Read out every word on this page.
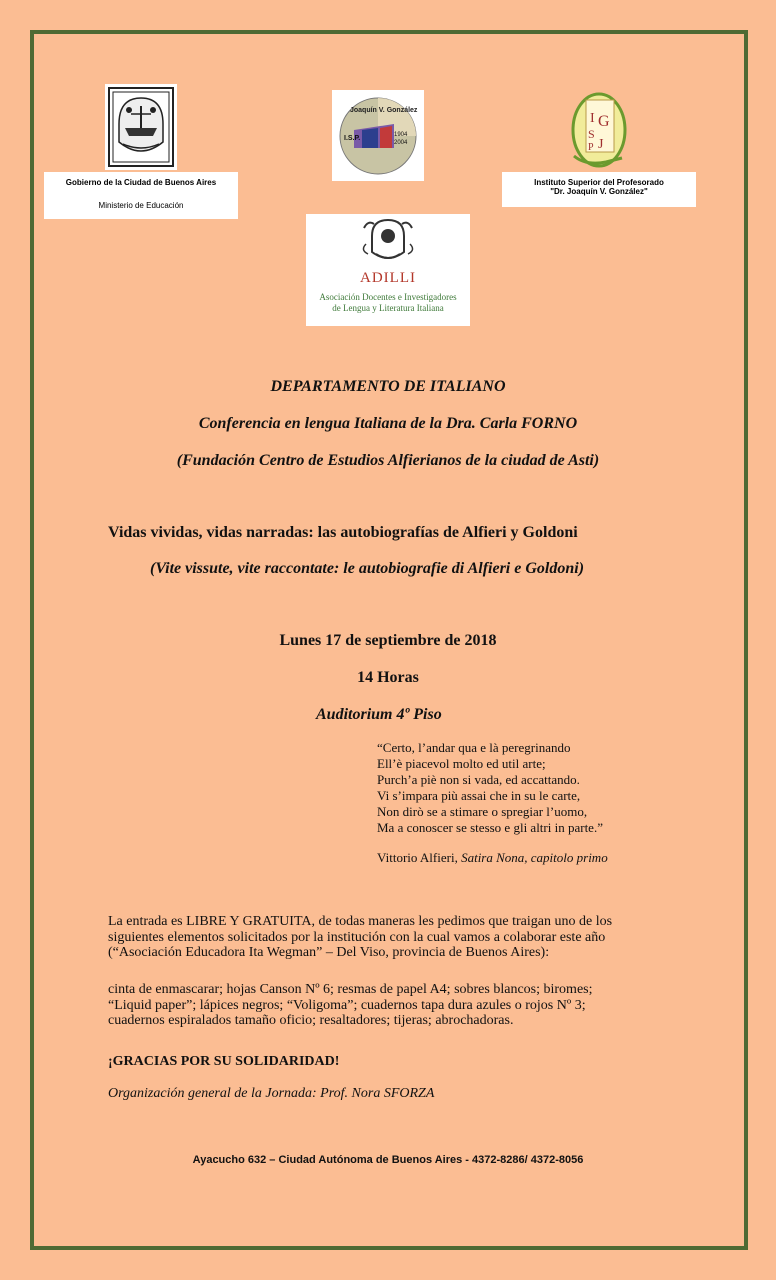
Gobierno de la Ciudad de Buenos Aires
Ministerio de Educación
Joaquín V. González
I.S.P.	1904
2004
I G
S
J
P
Instituto Superior del Profesorado
"Dr. Joaquín V. González"
ADILLI
Asociación Docentes e Investigadores
de Lengua y Literatura Italiana
DEPARTAMENTO DE ITALIANO
Conferencia en lengua Italiana de la Dra. Carla FORNO
(Fundación Centro de Estudios Alfierianos de la ciudad de Asti)
Vidas vividas, vidas narradas: las autobiografías de Alfieri y Goldoni
(Vite vissute, vite raccontate: le autobiografie di Alfieri e Goldoni)
Lunes 17 de septiembre de 2018
14 Horas
Auditorium 4º Piso
“Certo, l’andar qua e là peregrinando
Ell’è piacevol molto ed util arte;
Purch’a piè non si vada, ed accattando.
Vi s’impara più assai che in su le carte,
Non dirò se a stimare o spregiar l’uomo,
Ma a conoscer se stesso e gli altri in parte.”
Vittorio Alfieri, Satira Nona, capitolo primo
La entrada es LIBRE Y GRATUITA, de todas maneras les pedimos que traigan uno de los
siguientes elementos solicitados por la institución con la cual vamos a colaborar este año
(“Asociación Educadora Ita Wegman” – Del Viso, provincia de Buenos Aires):
cinta de enmascarar; hojas Canson Nº 6; resmas de papel A4; sobres blancos; biromes;
“Liquid paper”; lápices negros; “Voligoma”; cuadernos tapa dura azules o rojos Nº 3;
cuadernos espiralados tamaño oficio; resaltadores; tijeras; abrochadoras.
¡GRACIAS POR SU SOLIDARIDAD!
Organización general de la Jornada: Prof. Nora SFORZA
Ayacucho 632 – Ciudad Autónoma de Buenos Aires - 4372-8286/ 4372-8056
